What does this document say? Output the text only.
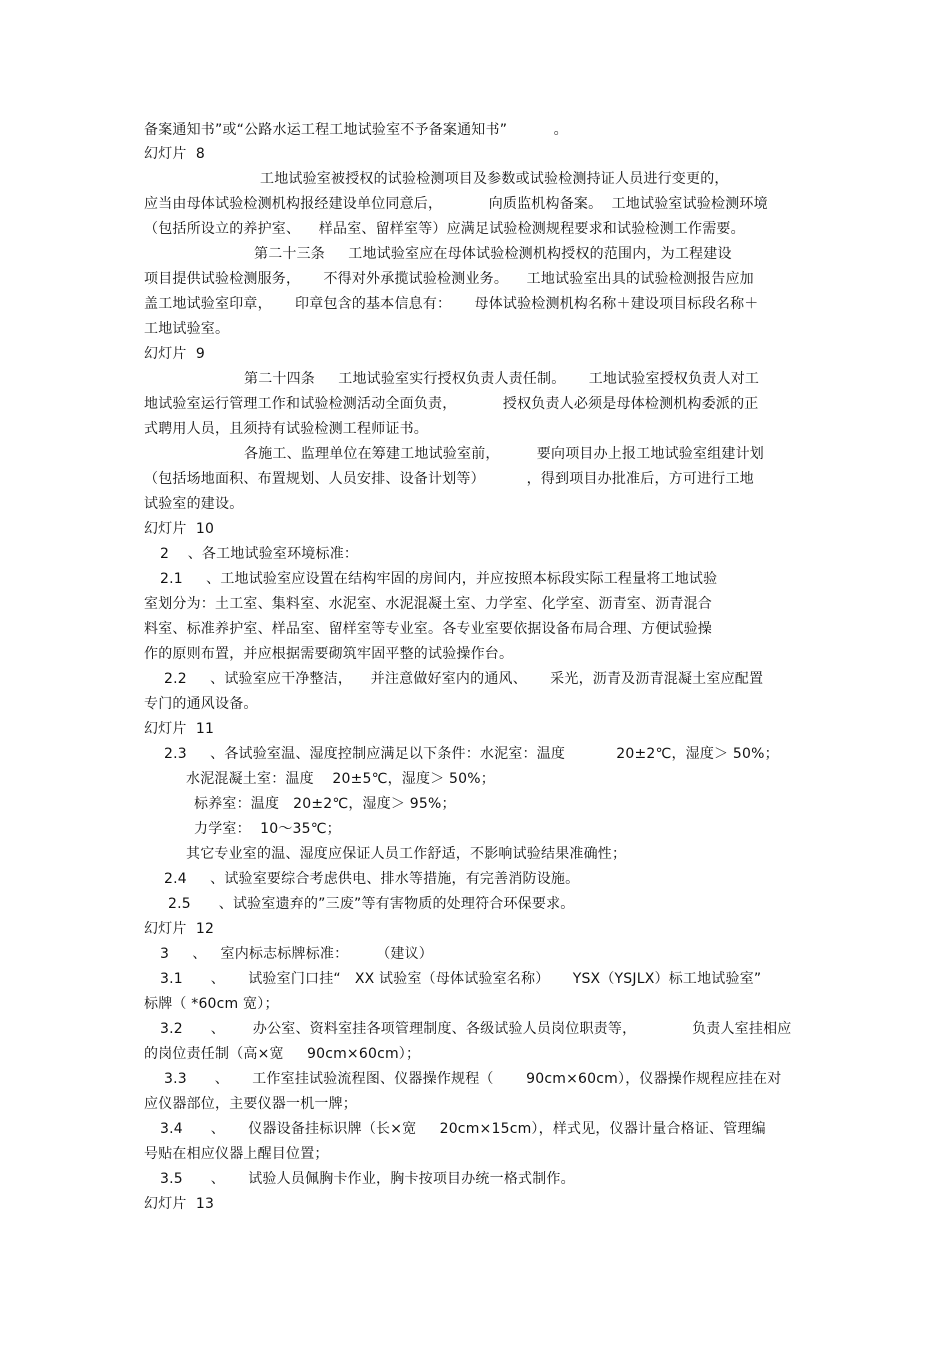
备案通知书”或“公路水运工程工地试验室不予备案通知书”          。
幻灯片  8
工地试验室被授权的试验检测项目及参数或试验检测持证人员进行变更的，
应当由母体试验检测机构报经建设单位同意后，          向质监机构备案。  工地试验室试验检测环境
（包括所设立的养护室、    样品室、留样室等）应满足试验检测规程要求和试验检测工作需要。
第二十三条     工地试验室应在母体试验检测机构授权的范围内，为工程建设
项目提供试验检测服务，     不得对外承揽试验检测业务。    工地试验室出具的试验检测报告应加
盖工地试验室印章，     印章包含的基本信息有：     母体试验检测机构名称＋建设项目标段名称＋
工地试验室。
幻灯片  9
第二十四条     工地试验室实行授权负责人责任制。     工地试验室授权负责人对工
地试验室运行管理工作和试验检测活动全面负责，          授权负责人必须是母体检测机构委派的正
式聘用人员，且须持有试验检测工程师证书。
各施工、监理单位在筹建工地试验室前，        要向项目办上报工地试验室组建计划
（包括场地面积、布置规划、人员安排、设备计划等）         ，得到项目办批准后，方可进行工地
试验室的建设。
幻灯片  10
2    、各工地试验室环境标准：
2.1     、工地试验室应设置在结构牢固的房间内，并应按照本标段实际工程量将工地试验
室划分为：土工室、集料室、水泥室、水泥混凝土室、力学室、化学室、沥青室、沥青混合
料室、标准养护室、样品室、留样室等专业室。各专业室要依据设备布局合理、方便试验操
作的原则布置，并应根据需要砌筑牢固平整的试验操作台。
2.2     、试验室应干净整洁，    并注意做好室内的通风、     采光，沥青及沥青混凝土室应配置
专门的通风设备。
幻灯片  11
2.3     、各试验室温、湿度控制应满足以下条件：水泥室：温度           20±2℃，湿度＞ 50%；
水泥混凝土室：温度    20±5℃，湿度＞ 50%；
标养室：温度   20±2℃，湿度＞ 95%；
力学室：  10～35℃；
其它专业室的温、湿度应保证人员工作舒适，不影响试验结果准确性；
2.4     、试验室要综合考虑供电、排水等措施，有完善消防设施。
2.5      、试验室遗弃的”三废”等有害物质的处理符合环保要求。
幻灯片  12
3     、   室内标志标牌标准：      （建议）
3.1      、     试验室门口挂“   XX 试验室（母体试验室名称）     YSX（YSJLX）标工地试验室”
标牌（ *60cm 宽）；
3.2      、      办公室、资料室挂各项管理制度、各级试验人员岗位职责等，            负责人室挂相应
的岗位责任制（高×宽     90cm×60cm）；
3.3      、     工作室挂试验流程图、仪器操作规程（       90cm×60cm），仪器操作规程应挂在对
应仪器部位，主要仪器一机一牌；
3.4      、     仪器设备挂标识牌（长×宽     20cm×15cm），样式见，仪器计量合格证、管理编
号贴在相应仪器上醒目位置；
3.5      、     试验人员佩胸卡作业，胸卡按项目办统一格式制作。
幻灯片  13
